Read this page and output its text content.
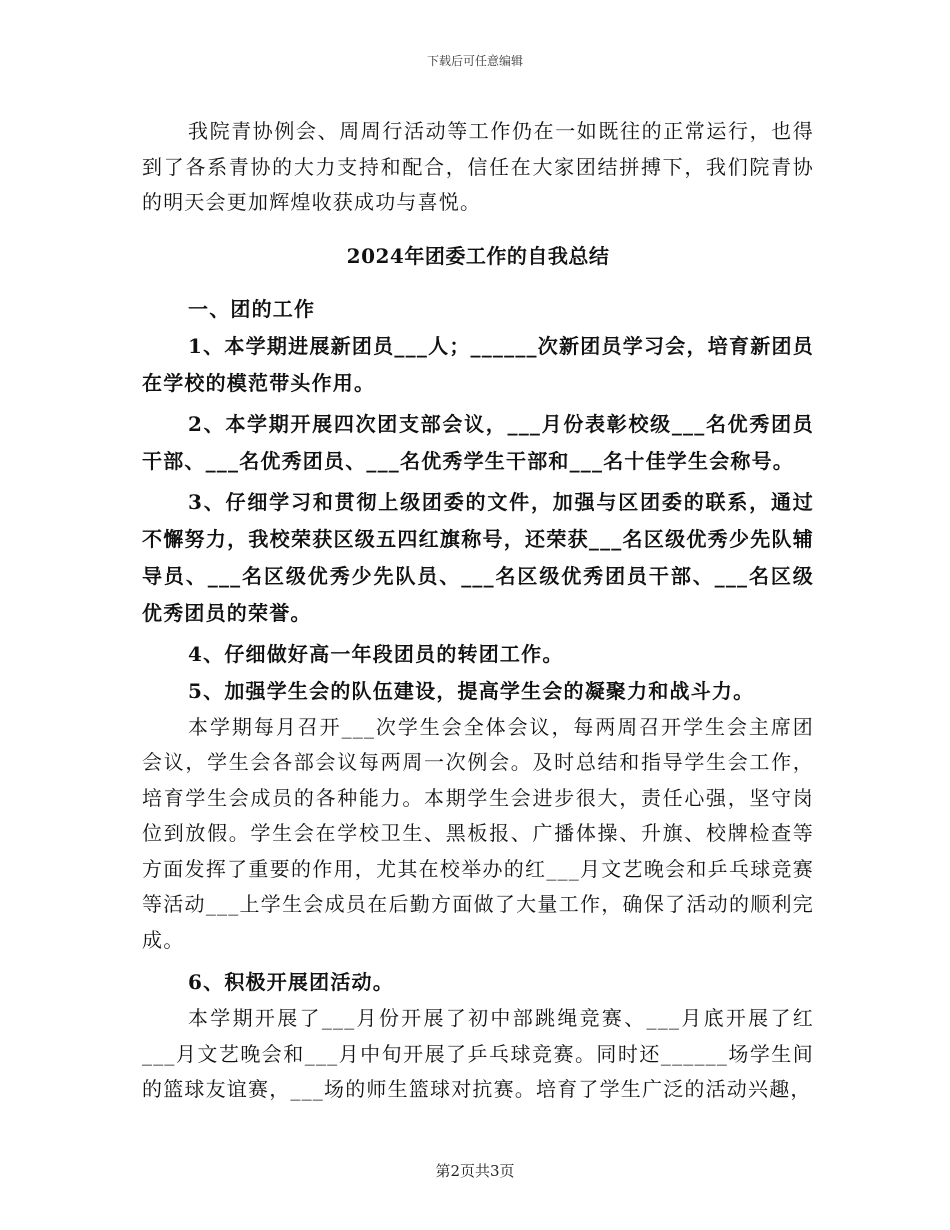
下载后可任意编辑

我院青协例会、周周行活动等工作仍在一如既往的正常运行，也得到了各系青协的大力支持和配合，信任在大家团结拼搏下，我们院青协的明天会更加辉煌收获成功与喜悦。

2024年团委工作的自我总结

一、团的工作

1、本学期进展新团员___人；______次新团员学习会，培育新团员在学校的模范带头作用。

2、本学期开展四次团支部会议，___月份表彰校级___名优秀团员干部、___名优秀团员、___名优秀学生干部和___名十佳学生会称号。

3、仔细学习和贯彻上级团委的文件，加强与区团委的联系，通过不懈努力，我校荣获区级五四红旗称号，还荣获___名区级优秀少先队辅导员、___名区级优秀少先队员、___名区级优秀团员干部、___名区级优秀团员的荣誉。

4、仔细做好高一年段团员的转团工作。

5、加强学生会的队伍建设，提高学生会的凝聚力和战斗力。

本学期每月召开___次学生会全体会议，每两周召开学生会主席团会议，学生会各部会议每两周一次例会。及时总结和指导学生会工作，培育学生会成员的各种能力。本期学生会进步很大，责任心强，坚守岗位到放假。学生会在学校卫生、黑板报、广播体操、升旗、校牌检查等方面发挥了重要的作用，尤其在校举办的红___月文艺晚会和乒乓球竞赛等活动___上学生会成员在后勤方面做了大量工作，确保了活动的顺利完成。

6、积极开展团活动。

本学期开展了___月份开展了初中部跳绳竞赛、___月底开展了红___月文艺晚会和___月中旬开展了乒乓球竞赛。同时还______场学生间的篮球友谊赛，___场的师生篮球对抗赛。培育了学生广泛的活动兴趣，

第2页共3页
